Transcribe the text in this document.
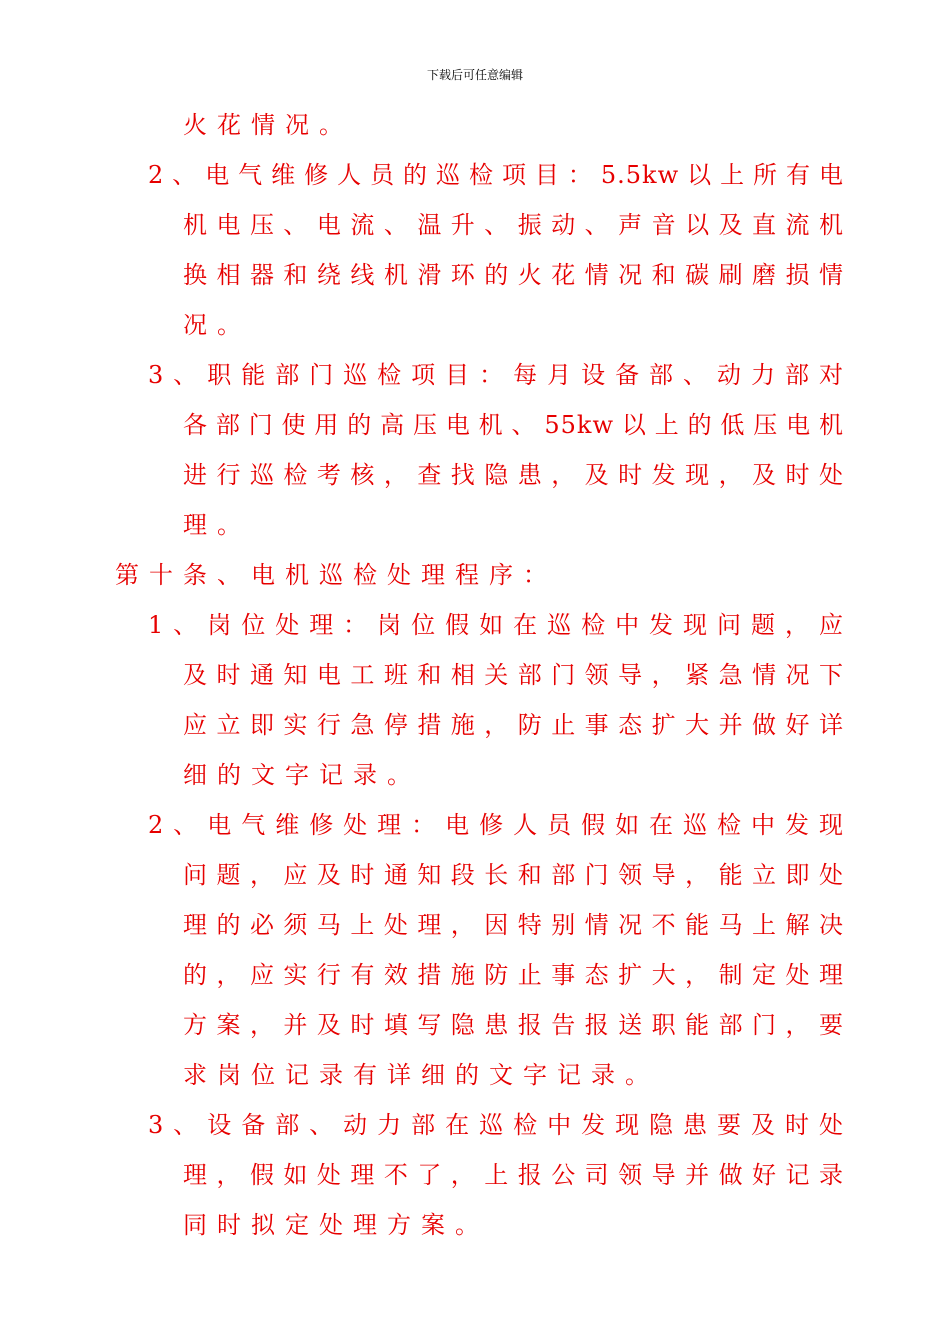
下载后可任意编辑
火花情况。
2、电气维修人员的巡检项目：5.5kw以上所有电
机电压、电流、温升、振动、声音以及直流机
换相器和绕线机滑环的火花情况和碳刷磨损情
况。
3、职能部门巡检项目：每月设备部、动力部对
各部门使用的高压电机、55kw以上的低压电机
进行巡检考核，查找隐患，及时发现，及时处
理。
第十条、电机巡检处理程序：
1、岗位处理：岗位假如在巡检中发现问题，应
及时通知电工班和相关部门领导，紧急情况下
应立即实行急停措施，防止事态扩大并做好详
细的文字记录。
2、电气维修处理：电修人员假如在巡检中发现
问题，应及时通知段长和部门领导，能立即处
理的必须马上处理，因特别情况不能马上解决
的，应实行有效措施防止事态扩大，制定处理
方案，并及时填写隐患报告报送职能部门，要
求岗位记录有详细的文字记录。
3、设备部、动力部在巡检中发现隐患要及时处
理，假如处理不了，上报公司领导并做好记录
同时拟定处理方案。
